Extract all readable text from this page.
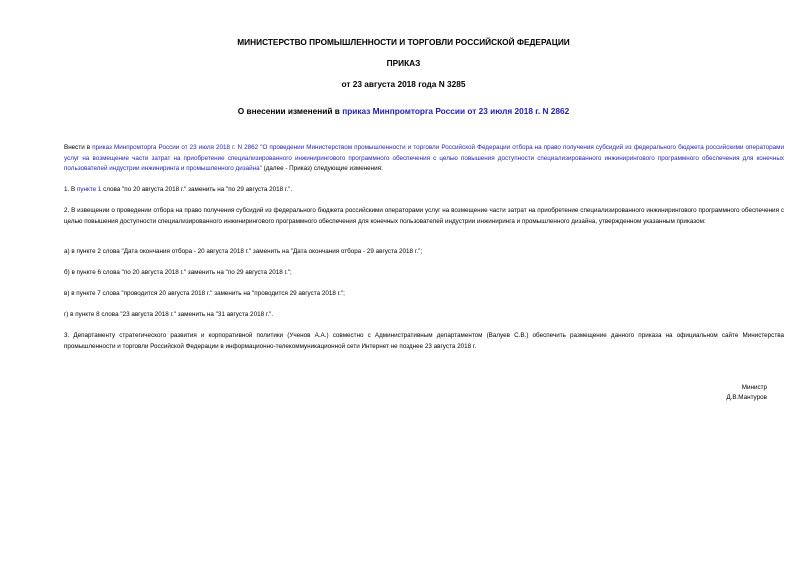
МИНИСТЕРСТВО ПРОМЫШЛЕННОСТИ И ТОРГОВЛИ РОССИЙСКОЙ ФЕДЕРАЦИИ
ПРИКАЗ
от 23 августа 2018 года N 3285
О внесении изменений в приказ Минпромторга России от 23 июля 2018 г. N 2862

Внести в приказ Минпромторга России от 23 июля 2018 г. N 2862 "О проведении Министерством промышленности и торговли Российской Федерации отбора на право получения субсидий из федерального бюджета российскими операторами услуг на возмещение части затрат на приобретение специализированного инжинирингового программного обеспечения с целью повышения доступности специализированного инжинирингового программного обеспечения для конечных пользователей индустрии инжиниринга и промышленного дизайна" (далее - Приказ) следующие изменения:

1. В пункте 1 слова "по 20 августа 2018 г." заменить на "по 29 августа 2018 г.".

2. В извещении о проведении отбора на право получения субсидий из федерального бюджета российскими операторами услуг на возмещение части затрат на приобретение специализированного инжинирингового программного обеспечения с целью повышения доступности специализированного инжинирингового программного обеспечения для конечных пользователей индустрии инжиниринга и промышленного дизайна, утвержденном указанным приказом:

а) в пункте 2 слова "Дата окончания отбора - 20 августа 2018 г." заменить на "Дата окончания отбора - 29 августа 2018 г.";

б) в пункте 6 слова "по 20 августа 2018 г." заменить на "по 29 августа 2018 г.";

в) в пункте 7 слова "проводится 20 августа 2018 г." заменить на "проводится 29 августа 2018 г.";

г) в пункте 8 слова "23 августа 2018 г." заменить на "31 августа 2018 г.".

3. Департаменту стратегического развития и корпоративной политики (Ученов А.А.) совместно с Административным департаментом (Валуев С.В.) обеспечить размещение данного приказа на официальном сайте Министерства промышленности и торговли Российской Федерации в информационно-телекоммуникационной сети Интернет не позднее 23 августа 2018 г.

Министр
Д.В.Мантуров
